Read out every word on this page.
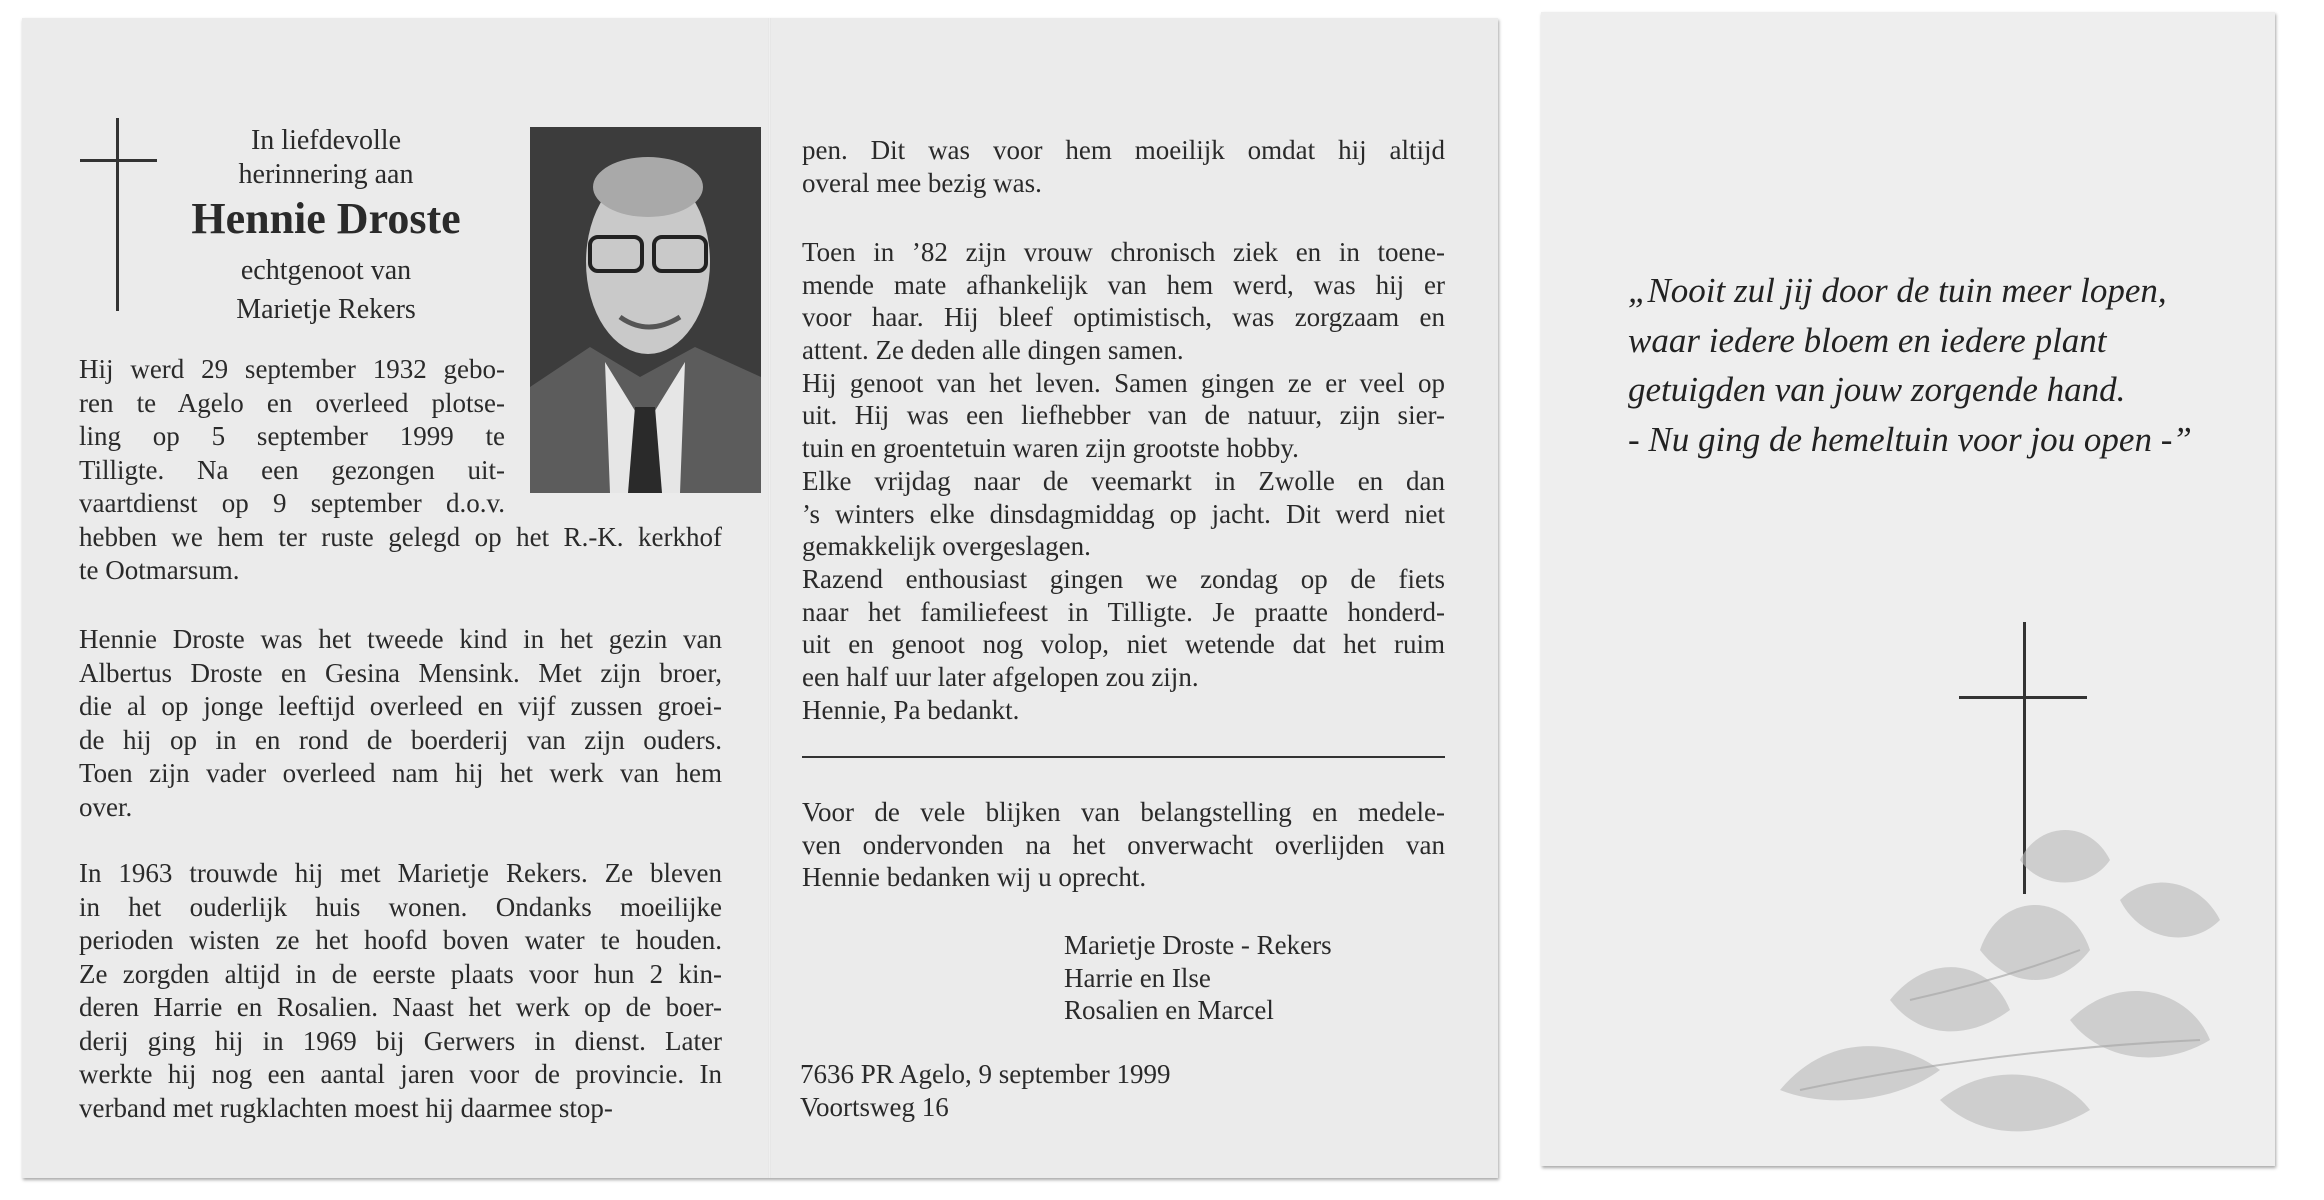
In liefdevolle
herinnering aan
Hennie Droste
echtgenoot van
Marietje Rekers
Hij werd 29 september 1932 gebo-
ren te Agelo en overleed plotse-
ling op 5 september 1999 te
Tilligte. Na een gezongen uit-
vaartdienst op 9 september d.o.v.
hebben we hem ter ruste gelegd op het R.-K. kerkhof
te Ootmarsum.
Hennie Droste was het tweede kind in het gezin van
Albertus Droste en Gesina Mensink. Met zijn broer,
die al op jonge leeftijd overleed en vijf zussen groei-
de hij op in en rond de boerderij van zijn ouders.
Toen zijn vader overleed nam hij het werk van hem
over.
In 1963 trouwde hij met Marietje Rekers. Ze bleven
in het ouderlijk huis wonen. Ondanks moeilijke
perioden wisten ze het hoofd boven water te houden.
Ze zorgden altijd in de eerste plaats voor hun 2 kin-
deren Harrie en Rosalien. Naast het werk op de boer-
derij ging hij in 1969 bij Gerwers in dienst. Later
werkte hij nog een aantal jaren voor de provincie. In
verband met rugklachten moest hij daarmee stop-
pen. Dit was voor hem moeilijk omdat hij altijd
overal mee bezig was.
Toen in ’82 zijn vrouw chronisch ziek en in toene-
mende mate afhankelijk van hem werd, was hij er
voor haar. Hij bleef optimistisch, was zorgzaam en
attent. Ze deden alle dingen samen.
Hij genoot van het leven. Samen gingen ze er veel op
uit. Hij was een liefhebber van de natuur, zijn sier-
tuin en groentetuin waren zijn grootste hobby.
Elke vrijdag naar de veemarkt in Zwolle en dan
’s winters elke dinsdagmiddag op jacht. Dit werd niet
gemakkelijk overgeslagen.
Razend enthousiast gingen we zondag op de fiets
naar het familiefeest in Tilligte. Je praatte honderd-
uit en genoot nog volop, niet wetende dat het ruim
een half uur later afgelopen zou zijn.
Hennie, Pa bedankt.
Voor de vele blijken van belangstelling en medele-
ven ondervonden na het onverwacht overlijden van
Hennie bedanken wij u oprecht.
Marietje Droste - Rekers
Harrie en Ilse
Rosalien en Marcel
7636 PR Agelo, 9 september 1999
Voortsweg 16
„Nooit zul jij door de tuin meer lopen,
waar iedere bloem en iedere plant
getuigden van jouw zorgende hand.
- Nu ging de hemeltuin voor jou open -”
